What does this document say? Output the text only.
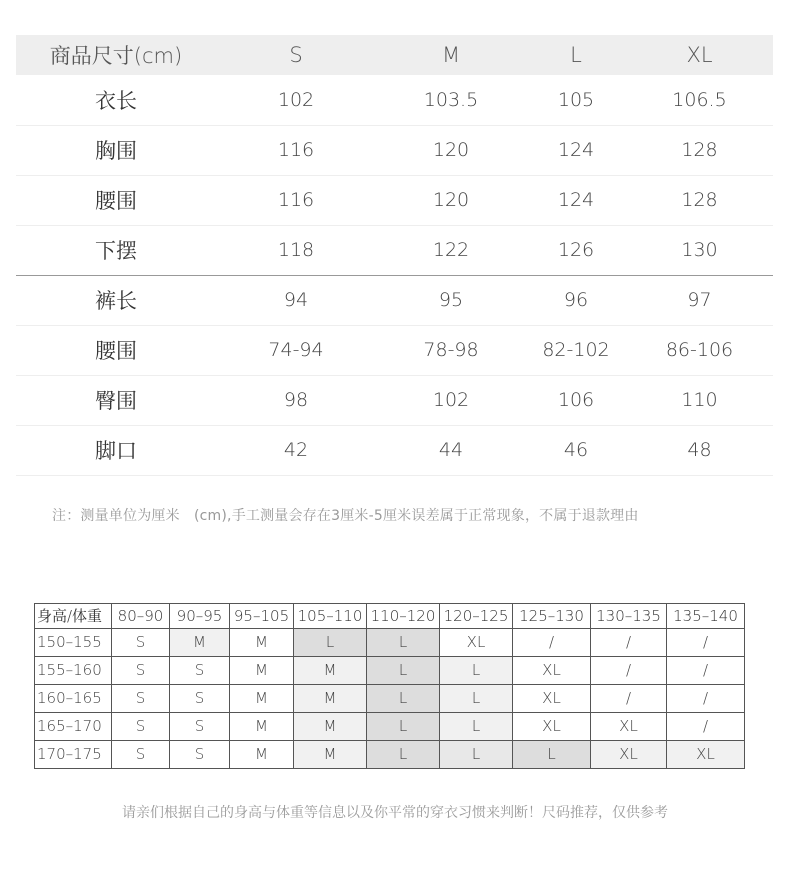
商品尺寸(cm)	S	M	L	XL
衣长	102	103.5	105	106.5
胸围	116	120	124	128
腰围	116	120	124	128
下摆	118	122	126	130
裤长	94	95	96	97
腰围	74-94	78-98	82-102	86-106
臀围	98	102	106	110
脚口	42	44	46	48
注：测量单位为厘米　(cm),手工测量会存在3厘米-5厘米误差属于正常现象，不属于退款理由
身高/体重	80–90	90–95	95–105	105–110	110–120	120–125	125–130	130–135	135–140
150–155	S	M	M	L	L	XL	/	/	/
155–160	S	S	M	M	L	L	XL	/	/
160–165	S	S	M	M	L	L	XL	/	/
165–170	S	S	M	M	L	L	XL	XL	/
170–175	S	S	M	M	L	L	L	XL	XL
请亲们根据自己的身高与体重等信息以及你平常的穿衣习惯来判断！尺码推荐，仅供参考
